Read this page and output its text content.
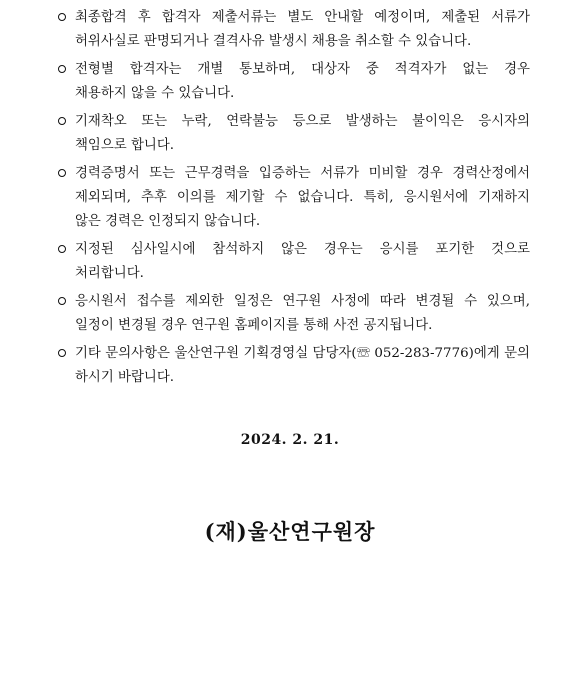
최종합격 후 합격자 제출서류는 별도 안내할 예정이며, 제출된 서류가
허위사실로 판명되거나 결격사유 발생시 채용을 취소할 수 있습니다.
전형별 합격자는 개별 통보하며, 대상자 중 적격자가 없는 경우
채용하지 않을 수 있습니다.
기재착오 또는 누락, 연락불능 등으로 발생하는 불이익은 응시자의
책임으로 합니다.
경력증명서 또는 근무경력을 입증하는 서류가 미비할 경우 경력산정에서
제외되며, 추후 이의를 제기할 수 없습니다. 특히, 응시원서에 기재하지
않은 경력은 인정되지 않습니다.
지정된 심사일시에 참석하지 않은 경우는 응시를 포기한 것으로
처리합니다.
응시원서 접수를 제외한 일정은 연구원 사정에 따라 변경될 수 있으며,
일정이 변경될 경우 연구원 홈페이지를 통해 사전 공지됩니다.
기타 문의사항은 울산연구원 기획경영실 담당자(☏ 052-283-7776)에게 문의
하시기 바랍니다.
2024. 2. 21.
(재)울산연구원장
